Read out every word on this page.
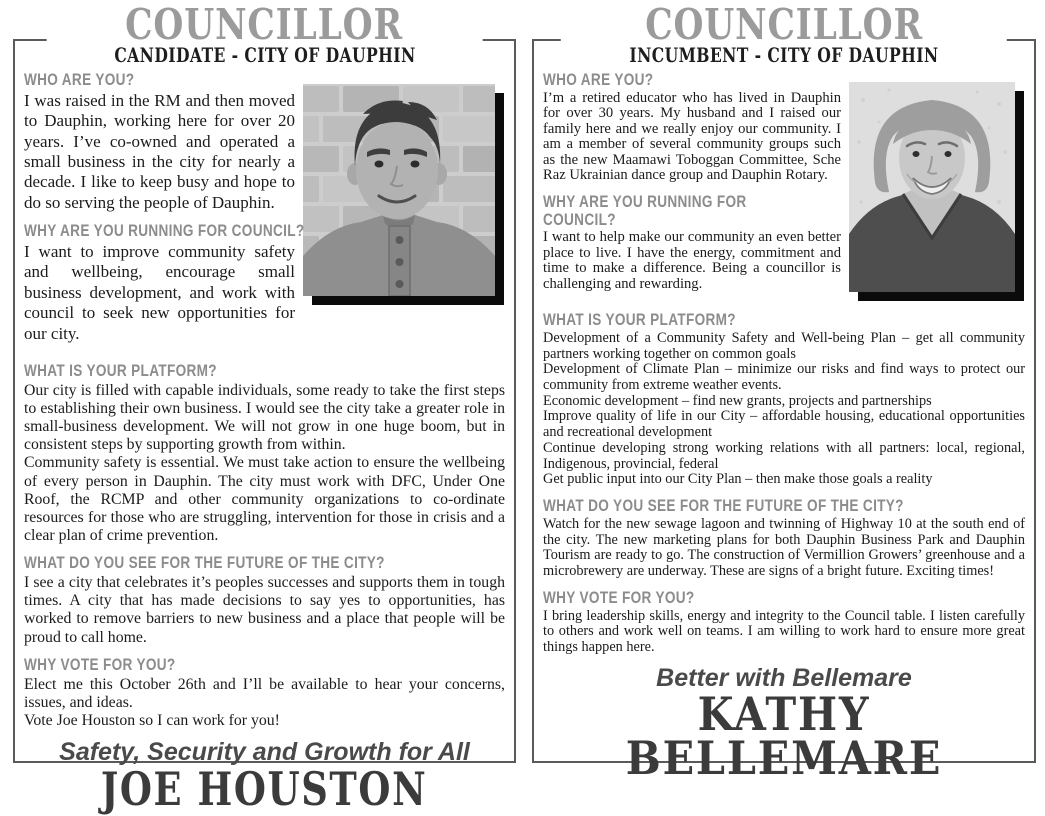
COUNCILLOR
CANDIDATE - CITY OF DAUPHIN
WHO ARE YOU?

I was raised in the RM and then moved to Dauphin, working here for over 20 years. I’ve co-owned and operated a small business in the city for nearly a decade. I like to keep busy and hope to do so serving the people of Dauphin.

WHY ARE YOU RUNNING FOR COUNCIL?

I want to improve community safety and wellbeing, encourage small business development, and work with council to seek new opportunities for our city.

WHAT IS YOUR PLATFORM?

Our city is filled with capable individuals, some ready to take the first steps to establishing their own business. I would see the city take a greater role in small-business development. We will not grow in one huge boom, but in consistent steps by supporting growth from within.

Community safety is essential. We must take action to ensure the wellbeing of every person in Dauphin. The city must work with DFC, Under One Roof, the RCMP and other community organizations to co-ordinate resources for those who are struggling, intervention for those in crisis and a clear plan of crime prevention.

WHAT DO YOU SEE FOR THE FUTURE OF THE CITY?

I see a city that celebrates it’s peoples successes and supports them in tough times. A city that has made decisions to say yes to opportunities, has worked to remove barriers to new business and a place that people will be proud to call home.

WHY VOTE FOR YOU?

Elect me this October 26th and I’ll be available to hear your concerns, issues, and ideas.

Vote Joe Houston so I can work for you!

Safety, Security and Growth for All
JOE HOUSTON
COUNCILLOR
INCUMBENT - CITY OF DAUPHIN
WHO ARE YOU?

I’m a retired educator who has lived in Dauphin for over 30 years. My husband and I raised our family here and we really enjoy our community. I am a member of several community groups such as the new Maamawi Toboggan Committee, Sche Raz Ukrainian dance group and Dauphin Rotary.

WHY ARE YOU RUNNING FOR COUNCIL?

I want to help make our community an even better place to live. I have the energy, commitment and time to make a difference. Being a councillor is challenging and rewarding.

WHAT IS YOUR PLATFORM?

Development of a Community Safety and Well-being Plan – get all community partners working together on common goals

Development of Climate Plan – minimize our risks and find ways to protect our community from extreme weather events.

Economic development – find new grants, projects and partnerships

Improve quality of life in our City – affordable housing, educational opportunities and recreational development

Continue developing strong working relations with all partners: local, regional, Indigenous, provincial, federal

Get public input into our City Plan – then make those goals a reality

WHAT DO YOU SEE FOR THE FUTURE OF THE CITY?

Watch for the new sewage lagoon and twinning of Highway 10 at the south end of the city. The new marketing plans for both Dauphin Business Park and Dauphin Tourism are ready to go. The construction of Vermillion Growers’ greenhouse and a microbrewery are underway. These are signs of a bright future. Exciting times!

WHY VOTE FOR YOU?

I bring leadership skills, energy and integrity to the Council table. I listen carefully to others and work well on teams. I am willing to work hard to ensure more great things happen here.

Better with Bellemare
KATHY BELLEMARE
